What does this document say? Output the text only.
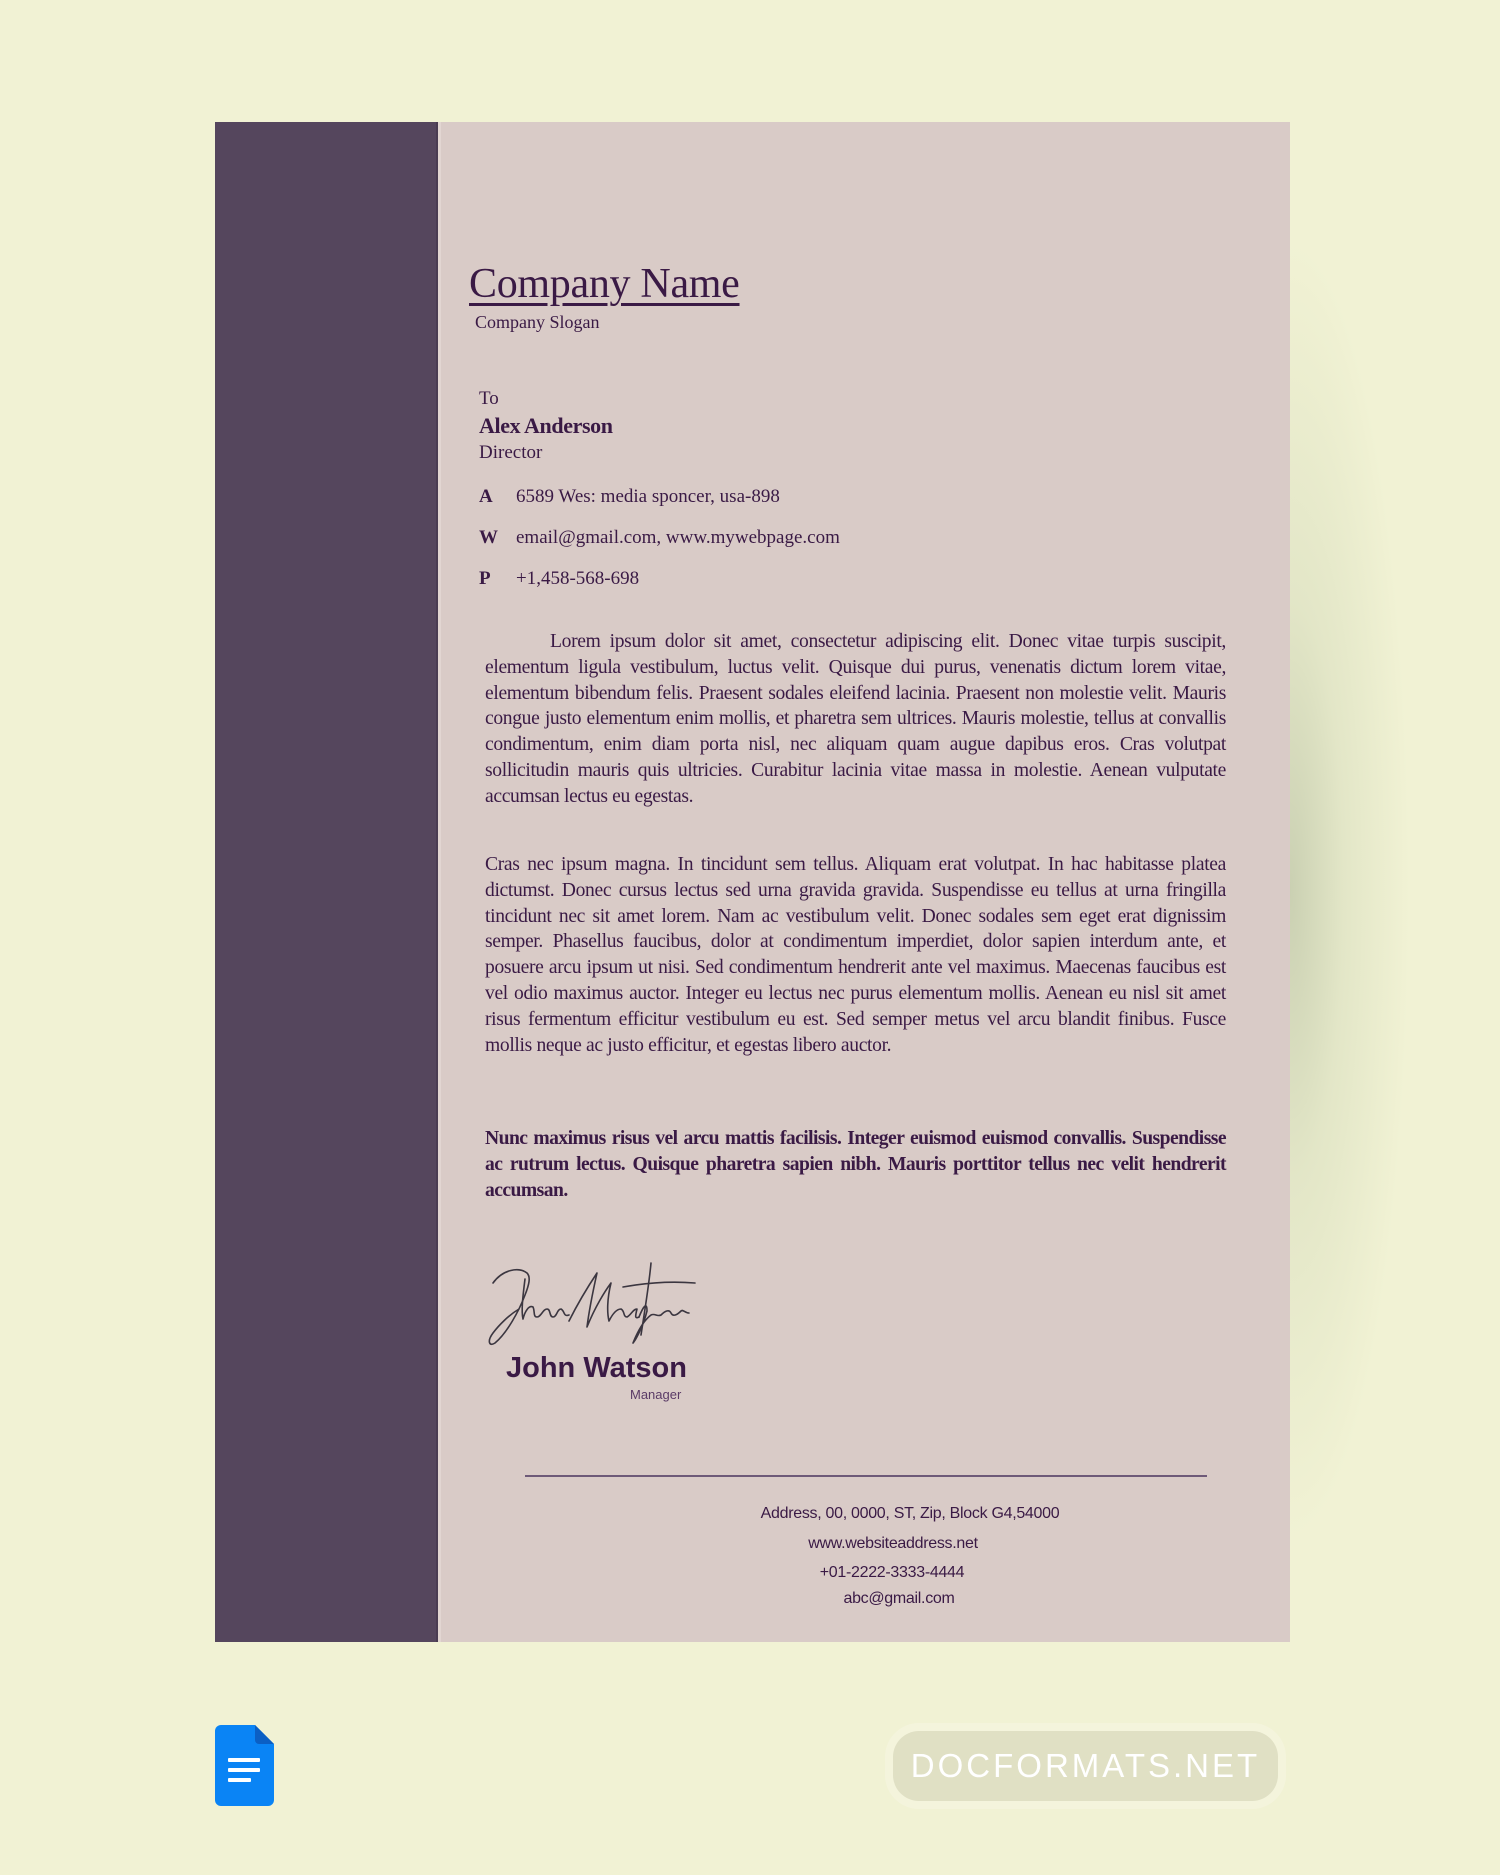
Company Name
Company Slogan
To
Alex Anderson
Director
A 6589 Wes: media sponcer, usa-898
W email@gmail.com, www.mywebpage.com
P +1,458-568-698
Lorem ipsum dolor sit amet, consectetur adipiscing elit. Donec vitae turpis suscipit, elementum ligula vestibulum, luctus velit. Quisque dui purus, venenatis dictum lorem vitae, elementum bibendum felis. Praesent sodales eleifend lacinia. Praesent non molestie velit. Mauris congue justo elementum enim mollis, et pharetra sem ultrices. Mauris molestie, tellus at convallis condimentum, enim diam porta nisl, nec aliquam quam augue dapibus eros. Cras volutpat sollicitudin mauris quis ultricies. Curabitur lacinia vitae massa in molestie. Aenean vulputate accumsan lectus eu egestas.
Cras nec ipsum magna. In tincidunt sem tellus. Aliquam erat volutpat. In hac habitasse platea dictumst. Donec cursus lectus sed urna gravida gravida. Suspendisse eu tellus at urna fringilla tincidunt nec sit amet lorem. Nam ac vestibulum velit. Donec sodales sem eget erat dignissim semper. Phasellus faucibus, dolor at condimentum imperdiet, dolor sapien interdum ante, et posuere arcu ipsum ut nisi. Sed condimentum hendrerit ante vel maximus. Maecenas faucibus est vel odio maximus auctor. Integer eu lectus nec purus elementum mollis. Aenean eu nisl sit amet risus fermentum efficitur vestibulum eu est. Sed semper metus vel arcu blandit finibus. Fusce mollis neque ac justo efficitur, et egestas libero auctor.
Nunc maximus risus vel arcu mattis facilisis. Integer euismod euismod convallis. Suspendisse ac rutrum lectus. Quisque pharetra sapien nibh. Mauris porttitor tellus nec velit hendrerit accumsan.
John Watson
Manager
Address, 00, 0000, ST, Zip, Block G4,54000
www.websiteaddress.net
+01-2222-3333-4444
abc@gmail.com
DOCFORMATS.NET
